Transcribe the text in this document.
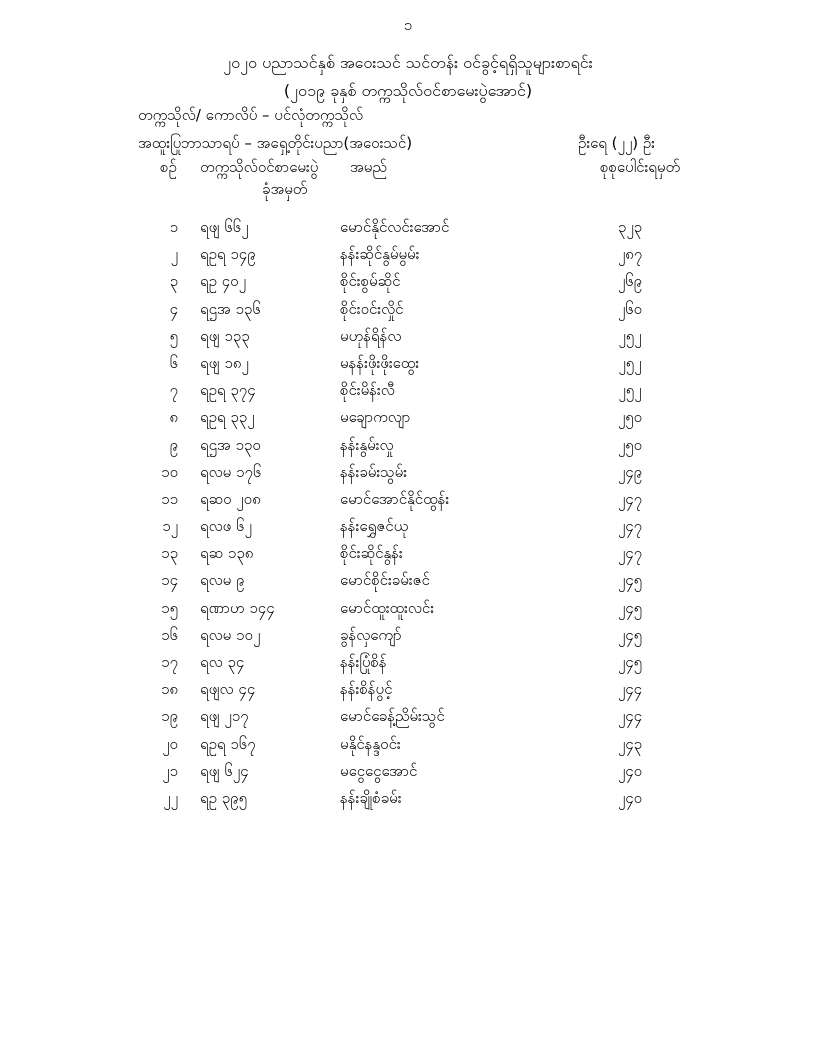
၁
၂၀၂၀ ပညာသင်နှစ် အဝေးသင် သင်တန်း ဝင်ခွင့်ရရှိသူများစာရင်း
(၂၀၁၉ ခုနှစ် တက္ကသိုလ်ဝင်စာမေးပွဲအောင်)
တက္ကသိုလ်/ ကောလိပ် – ပင်လုံတက္ကသိုလ်
အထူးပြုဘာသာရပ် – အရှေ့တိုင်းပညာ(အဝေးသင်)	ဦးရေ (၂၂) ဦး
စဉ် တက္ကသိုလ်ဝင်စာမေးပွဲ
ခုံအမှတ်
အမည်	စုစုပေါင်းရမှတ်
၁ ရဖျ ၆၆၂	မောင်နိုင်လင်းအောင်	၃၂၃
၂ ရဥရ ၁၄၉	နန်းဆိုင်နွမ်မွမ်း	၂၈၇
၃ ရဥ ၄၀၂	စိုင်းစွမ်ဆိုင်	၂၆၉
၄ ရဌအ ၁၃၆	စိုင်းဝင်းလှိုင်	၂၆၀
၅ ရဖျ ၁၃၃	မဟုန်ရိန်လ	၂၅၂
၆ ရဖျ ၁၈၂	မနန်းဖိုးဖိုးထွေး	၂၅၂
၇ ရဥရ ၃၇၄	စိုင်းမိန်းလီ	၂၅၂
၈ ရဥရ ၃၃၂	မချောကလျာ	၂၅၀
၉ ရဌအ ၁၃၀	နန်းနွမ်းလှု	၂၅၀
၁၀ ရလမ ၁၇၆	နန်းခမ်းသွမ်း	၂၄၉
၁၁ ရဆဝ ၂၀၈	မောင်အောင်နိုင်ထွန်း	၂၄၇
၁၂ ရလဖ ၆၂	နန်းရွှေဇင်ယု	၂၄၇
၁၃ ရဆ ၁၃၈	စိုင်းဆိုင်နွန်း	၂၄၇
၁၄ ရလမ ၉	မောင်စိုင်းခမ်းဇင်	၂၄၅
၁၅ ရဏာဟ ၁၄၄	မောင်ထူးထူးလင်း	၂၄၅
၁၆ ရလမ ၁၀၂	ခွန်လှကျော်	၂၄၅
၁၇ ရလ ၃၄	နန်းပြုံစိန်	၂၄၅
၁၈ ရဖျလ ၄၄	နန်းစိန်ပွင့်	၂၄၄
၁၉ ရဖျ ၂၁၇	မောင်ခေန့်ညိမ်းသွင်	၂၄၄
၂၀ ရဥရ ၁၆၇	မနိုင်နန္ဒဝင်း	၂၄၃
၂၁ ရဖျ ၆၂၄	မငွေငွေအောင်	၂၄၀
၂၂ ရဥ ၃၉၅	နန်းချိုစံခမ်း	၂၄၀
